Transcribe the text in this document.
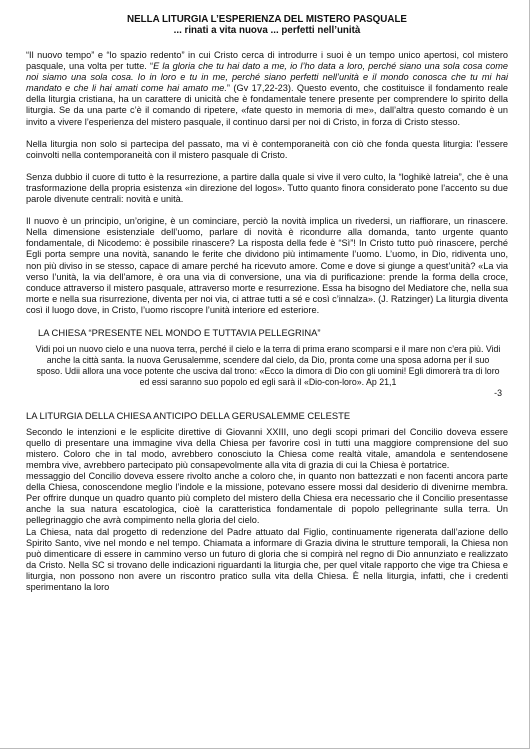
NELLA LITURGIA L’ESPERIENZA DEL MISTERO PASQUALE
... rinati a vita nuova ... perfetti nell’unità

“Il nuovo tempo” e “lo spazio redento” in cui Cristo cerca di introdurre i suoi è un tempo unico apertosi, col mistero pasquale, una volta per tutte. “E la gloria che tu hai dato a me, io l’ho data a loro, perché siano una sola cosa come noi siamo una sola cosa. Io in loro e tu in me, perché siano perfetti nell’unità e il mondo conosca che tu mi hai mandato e che li hai amati come hai amato me.” (Gv 17,22-23). Questo evento, che costituisce il fondamento reale della liturgia cristiana, ha un carattere di unicità che è fondamentale tenere presente per comprendere lo spirito della liturgia. Se da una parte c’è il comando di ripetere, «fate questo in memoria di me», dall’altra questo comando è un invito a vivere l’esperienza del mistero pasquale, il continuo darsi per noi di Cristo, in forza di Cristo stesso.

Nella liturgia non solo si partecipa del passato, ma vi è contemporaneità con ciò che fonda questa liturgia: l’essere coinvolti nella contemporaneità con il mistero pasquale di Cristo.

Senza dubbio il cuore di tutto è la resurrezione, a partire dalla quale si vive il vero culto, la “loghikè latreia”, che è una trasformazione della propria esistenza «in direzione del logos». Tutto quanto finora considerato pone l’accento su due parole divenute centrali: novità e unità.

Il nuovo è un principio, un’origine, è un cominciare, perciò la novità implica un rivedersi, un riaffiorare, un rinascere. Nella dimensione esistenziale dell’uomo, parlare di novità è ricondurre alla domanda, tanto urgente quanto fondamentale, di Nicodemo: è possibile rinascere? La risposta della fede è “Sì”! In Cristo tutto può rinascere, perché Egli porta sempre una novità, sanando le ferite che dividono più intimamente l’uomo. L’uomo, in Dio, ridiventa uno, non più diviso in se stesso, capace di amare perché ha ricevuto amore. Come e dove si giunge a quest’unità? «La via verso l’unità, la via dell’amore, è ora una via di conversione, una via di purificazione: prende la forma della croce, conduce attraverso il mistero pasquale, attraverso morte e resurrezione. Essa ha bisogno del Mediatore che, nella sua morte e nella sua risurrezione, diventa per noi via, ci attrae tutti a sé e così c’innalza». (J. Ratzinger) La liturgia diventa così il luogo dove, in Cristo, l’uomo riscopre l’unità interiore ed esteriore.

LA CHIESA “PRESENTE NEL MONDO E TUTTAVIA PELLEGRINA”
Vidi poi un nuovo cielo e una nuova terra, perché il cielo e la terra di prima erano scomparsi e il mare non c’era più. Vidi anche la città santa. la nuova Gerusalemme, scendere dal cielo, da Dio, pronta come una sposa adorna per il suo sposo. Udii allora una voce potente che usciva dal trono: «Ecco la dimora di Dio con gli uomini! Egli dimorerà tra di loro ed essi saranno suo popolo ed egli sarà il «Dio-con-loro». Ap 21,1
-3
LA LITURGIA DELLA CHIESA ANTICIPO DELLA GERUSALEMME CELESTE

Secondo le intenzioni e le esplicite direttive di Giovanni XXIII, uno degli scopi primari del Concilio doveva essere quello di presentare una immagine viva della Chiesa per favorire così in tutti una maggiore comprensione del suo mistero. Coloro che in tal modo, avrebbero conosciuto la Chiesa come realtà vitale, amandola e sentendosene membra vive, avrebbero partecipato più consapevolmente alla vita di grazia di cui la Chiesa è portatrice.

messaggio del Concilio doveva essere rivolto anche a coloro che, in quanto non battezzati e non facenti ancora parte della Chiesa, conoscendone meglio l’indole e la missione, potevano essere mossi dal desiderio di divenirne membra. Per offrire dunque un quadro quanto più completo del mistero della Chiesa era necessario che il Concilio presentasse anche la sua natura escatologica, cioè la caratteristica fondamentale di popolo pellegrinante sulla terra. Un pellegrinaggio che avrà compimento nella gloria del cielo.

La Chiesa, nata dal progetto di redenzione del Padre attuato dal Figlio, continuamente rigenerata dall’azione dello Spirito Santo, vive nel mondo e nel tempo. Chiamata a informare di Grazia divina le strutture temporali, la Chiesa non può dimenticare di essere in cammino verso un futuro di gloria che si compirà nel regno di Dio annunziato e realizzato da Cristo. Nella SC si trovano delle indicazioni riguardanti la liturgia che, per quel vitale rapporto che vige tra Chiesa e liturgia, non possono non avere un riscontro pratico sulla vita della Chiesa. È nella liturgia, infatti, che i credenti sperimentano la loro
